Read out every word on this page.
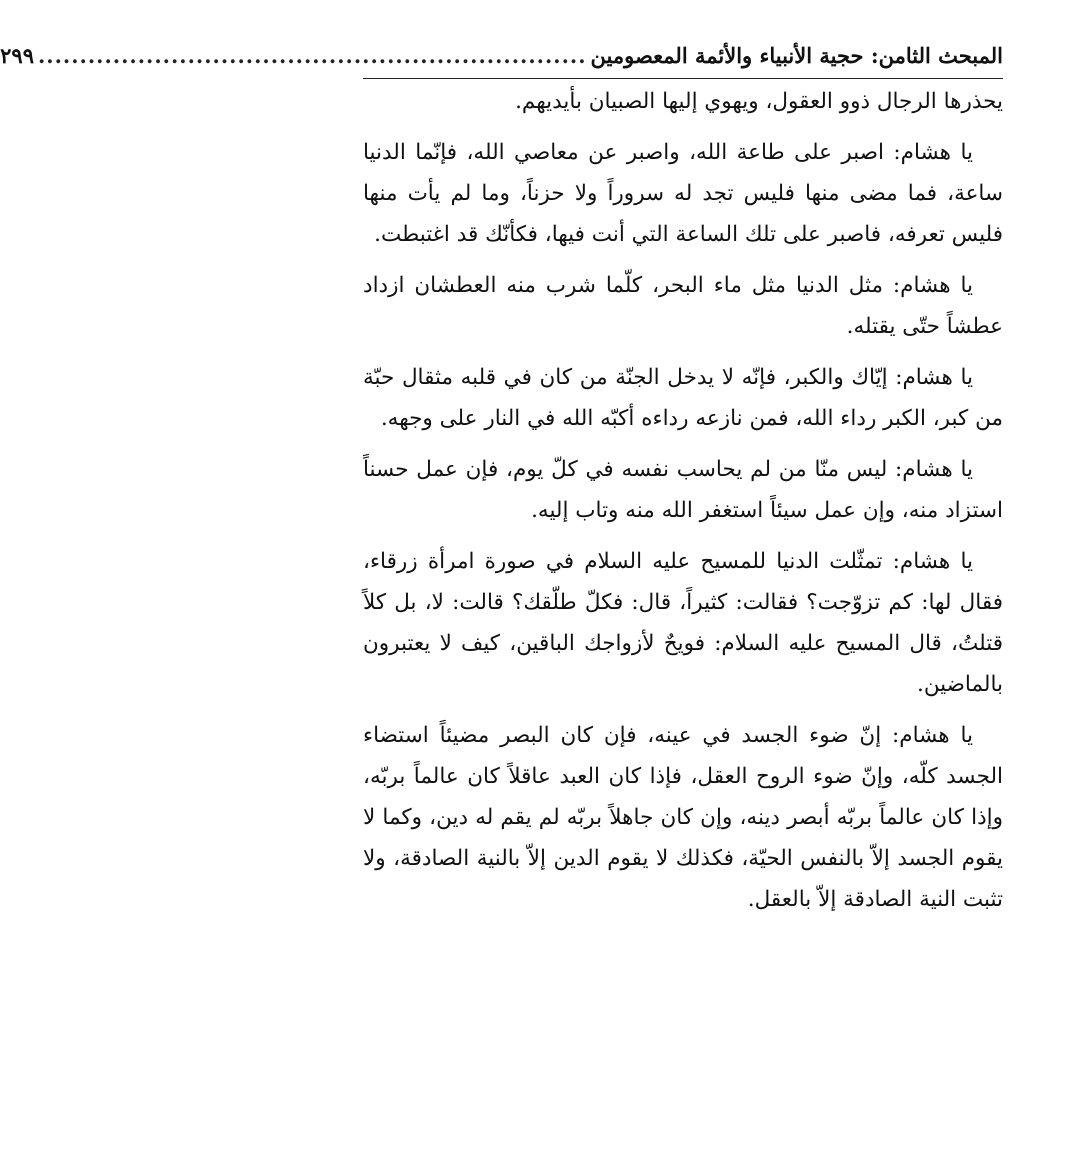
المبحث الثامن: حجية الأنبياء والأئمة المعصومين
..................................................................
٢٩٩

يحذرها الرجال ذوو العقول، ويهوي إليها الصبيان بأيديهم.

يا هشام: اصبر على طاعة الله، واصبر عن معاصي الله، فإنّما الدنيا ساعة، فما مضى منها فليس تجد له سروراً ولا حزناً، وما لم يأت منها فليس تعرفه، فاصبر على تلك الساعة التي أنت فيها، فكأنّك قد اغتبطت.

يا هشام: مثل الدنيا مثل ماء البحر، كلّما شرب منه العطشان ازداد عطشاً حتّى يقتله.

يا هشام: إيّاك والكبر، فإنّه لا يدخل الجنّة من كان في قلبه مثقال حبّة من كبر، الكبر رداء الله، فمن نازعه رداءه أكبّه الله في النار على وجهه.

يا هشام: ليس منّا من لم يحاسب نفسه في كلّ يوم، فإن عمل حسناً استزاد منه، وإن عمل سيئاً استغفر الله منه وتاب إليه.

يا هشام: تمثّلت الدنيا للمسيح عليه السلام في صورة امرأة زرقاء، فقال لها: كم تزوّجت؟ فقالت: كثيراً، قال: فكلّ طلّقك؟ قالت: لا، بل كلاً قتلتُ، قال المسيح عليه السلام: فويحٌ لأزواجك الباقين، كيف لا يعتبرون بالماضين.

يا هشام: إنّ ضوء الجسد في عينه، فإن كان البصر مضيئاً استضاء الجسد كلّه، وإنّ ضوء الروح العقل، فإذا كان العبد عاقلاً كان عالماً بربّه، وإذا كان عالماً بربّه أبصر دينه، وإن كان جاهلاً بربّه لم يقم له دين، وكما لا يقوم الجسد إلاّ بالنفس الحيّة، فكذلك لا يقوم الدين إلاّ بالنية الصادقة، ولا تثبت النية الصادقة إلاّ بالعقل.
